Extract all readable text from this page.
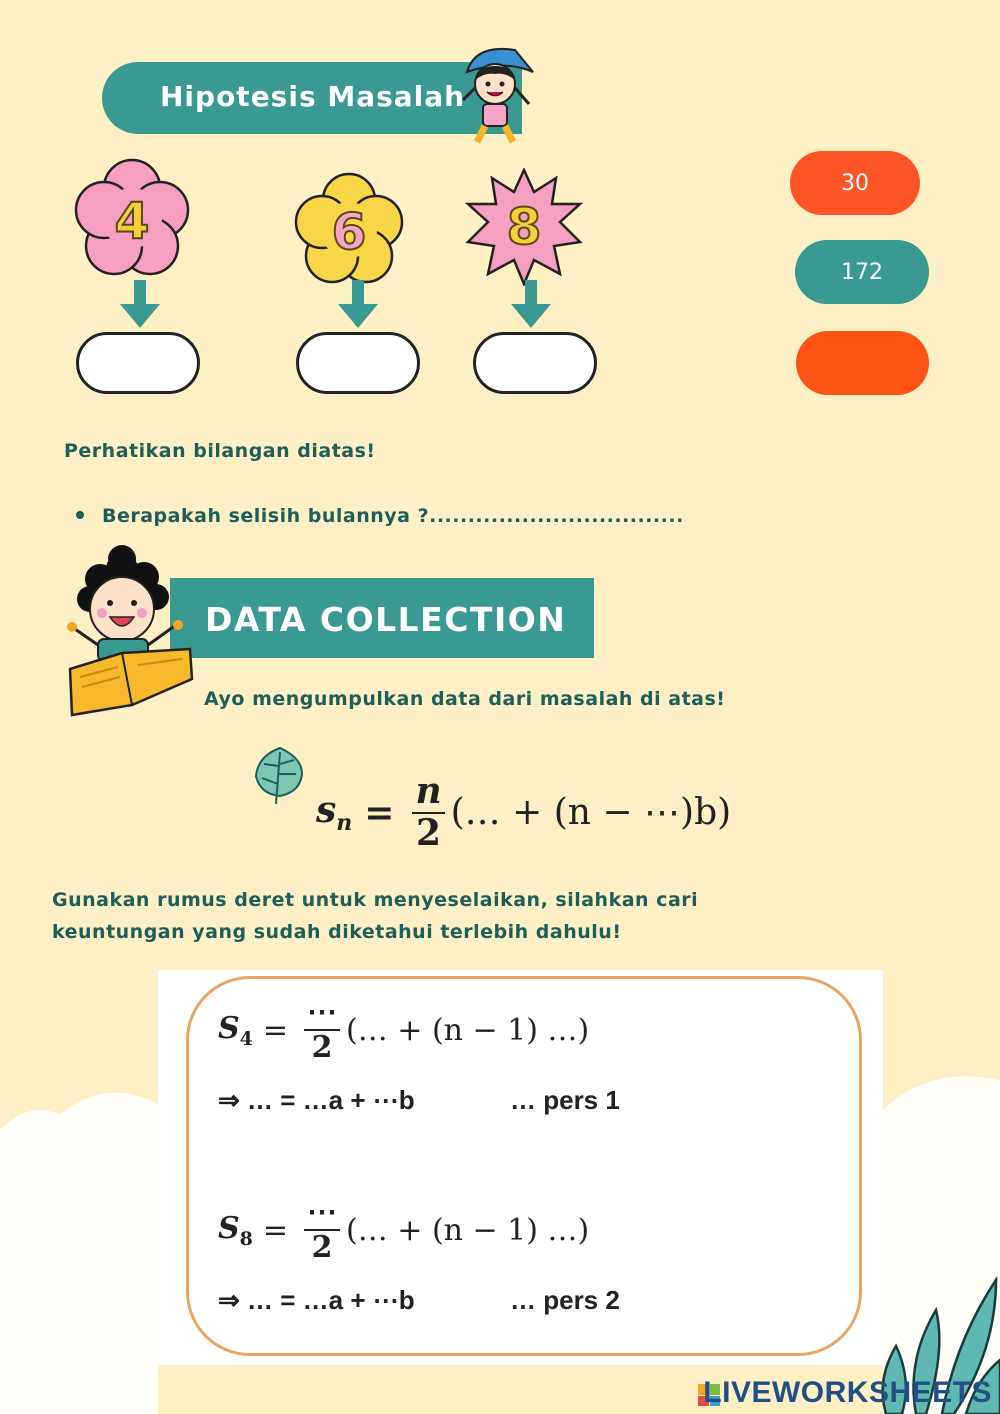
Hipotesis Masalah
4	6	8
30
172
Perhatikan bilangan diatas!
Berapakah selisih bulannya ?.................................
DATA COLLECTION
Ayo mengumpulkan data dari masalah di atas!
$s_n = \frac{n}{2}$ (… + (n − ⋯)b)
Gunakan rumus deret untuk menyeselaikan, silahkan cari
keuntungan yang sudah diketahui terlebih dahulu!
$S_4 = \frac{\cdots}{2}$ (… + (n − 1) …)
⇒ … = …a + ⋯b	… pers 1
$S_8 = \frac{\cdots}{2}$ (… + (n − 1) …)
⇒ … = …a + ⋯b	… pers 2
LIVEWORKSHEETS
